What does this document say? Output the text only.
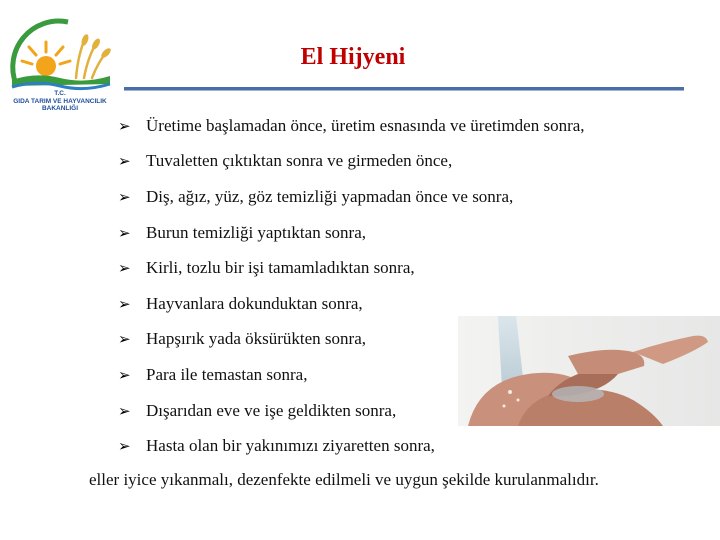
T.C.
GIDA TARIM VE HAYVANCILIK
BAKANLIĞI
El Hijyeni
➢ Üretime başlamadan önce, üretim esnasında ve üretimden sonra,
➢ Tuvaletten çıktıktan sonra ve girmeden önce,
➢ Diş, ağız, yüz, göz temizliği yapmadan önce ve sonra,
➢ Burun temizliği yaptıktan sonra,
➢ Kirli, tozlu bir işi tamamladıktan sonra,
➢ Hayvanlara dokunduktan sonra,
➢ Hapşırık yada öksürükten sonra,
➢ Para ile temastan sonra,
➢ Dışarıdan eve ve işe geldikten sonra,
➢ Hasta olan bir yakınımızı ziyaretten sonra,
eller iyice yıkanmalı, dezenfekte edilmeli ve uygun şekilde kurulanmalıdır.
